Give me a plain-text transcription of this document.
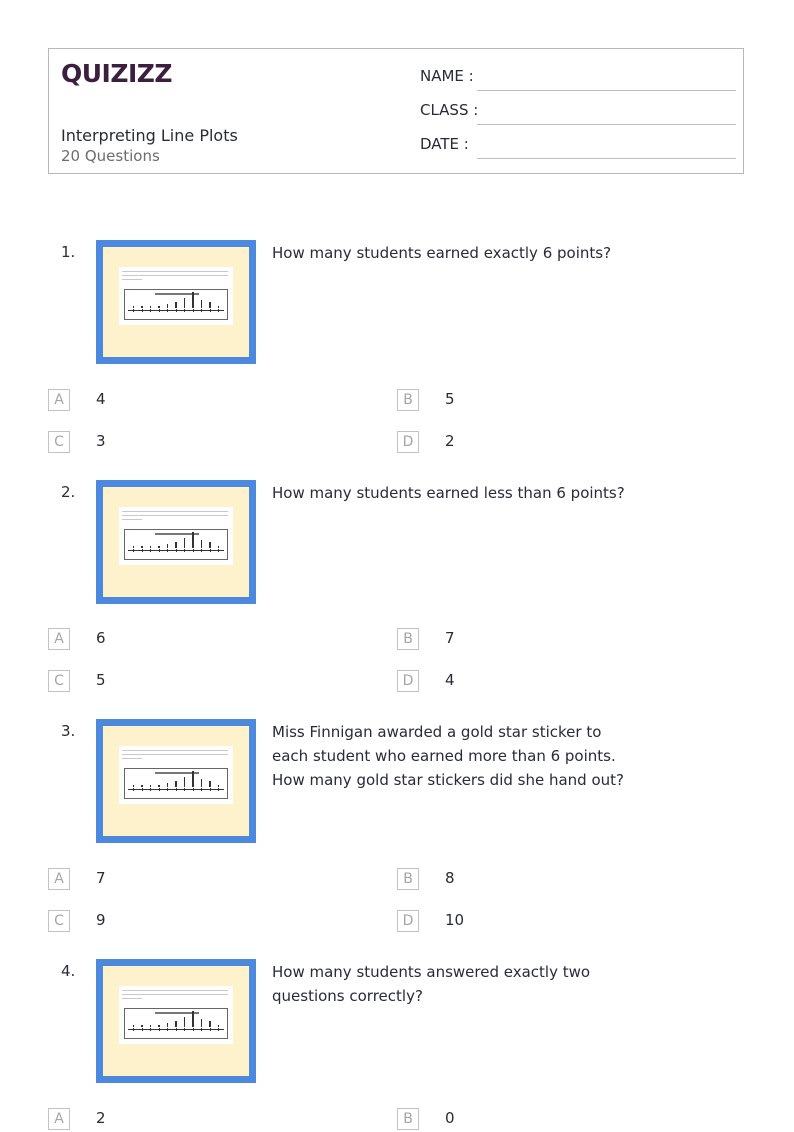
QUIZIZZ
Interpreting Line Plots
20 Questions
NAME :
CLASS :
DATE :
1.	How many students earned exactly 6 points?
A	4	B	5
C	3	D	2
2.	How many students earned less than 6 points?
A	6	B	7
C	5	D	4
3.	Miss Finnigan awarded a gold star sticker to each student who earned more than 6 points. How many gold star stickers did she hand out?
A	7	B	8
C	9	D	10
4.	How many students answered exactly two questions correctly?
A	2	B	0
